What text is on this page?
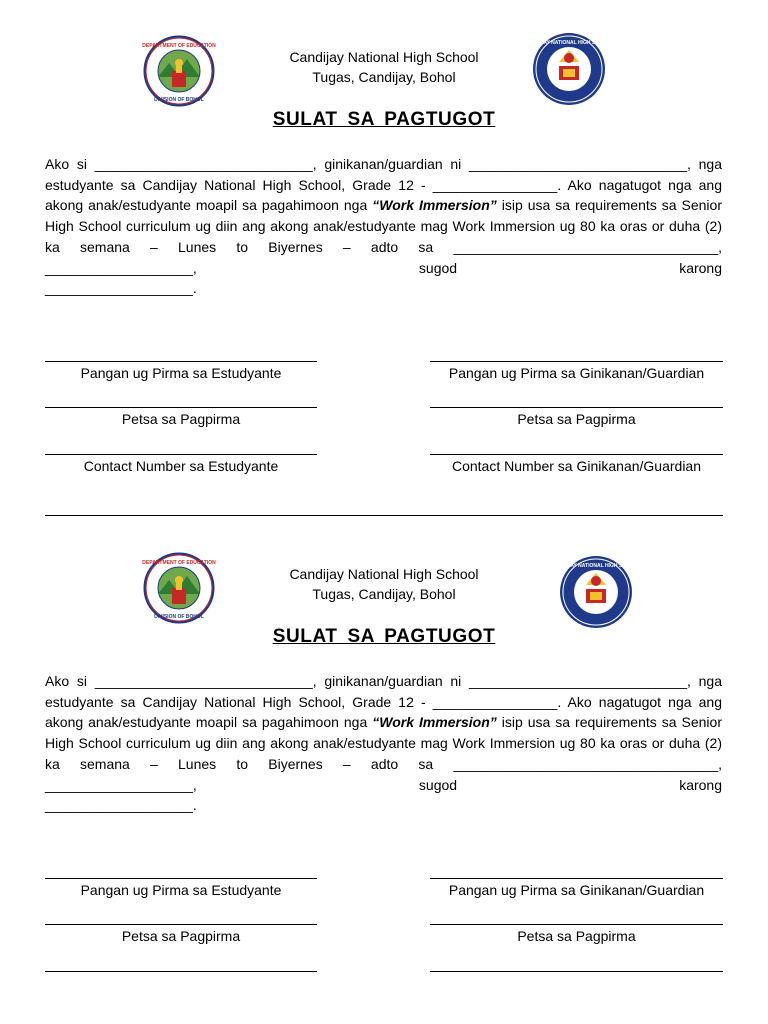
DEPARTMENT OF EDUCATION
DIVISION OF BOHOL
Candijay National High School
Tugas, Candijay, Bohol
CANDIJAY NATIONAL HIGH SCHOOL
SULAT SA PAGTUGOT
Ako si ____________________________, ginikanan/guardian ni ____________________________, nga estudyante sa Candijay National High School, Grade 12 - ________________. Ako nagatugot nga ang akong anak/estudyante moapil sa pagahimoon nga “Work Immersion” isip usa sa requirements sa Senior High School curriculum ug diin ang akong anak/estudyante mag Work Immersion ug 80 ka oras or duha (2) ka semana – Lunes to Biyernes – adto sa __________________________________, ___________________, sugod karong
___________________.
Pangan ug Pirma sa Estudyante	Pangan ug Pirma sa Ginikanan/Guardian
Petsa sa Pagpirma	Petsa sa Pagpirma
Contact Number sa Estudyante	Contact Number sa Ginikanan/Guardian
DEPARTMENT OF EDUCATION
DIVISION OF BOHOL
Candijay National High School
Tugas, Candijay, Bohol
CANDIJAY NATIONAL HIGH SCHOOL
SULAT SA PAGTUGOT
Ako si ____________________________, ginikanan/guardian ni ____________________________, nga estudyante sa Candijay National High School, Grade 12 - ________________. Ako nagatugot nga ang akong anak/estudyante moapil sa pagahimoon nga “Work Immersion” isip usa sa requirements sa Senior High School curriculum ug diin ang akong anak/estudyante mag Work Immersion ug 80 ka oras or duha (2) ka semana – Lunes to Biyernes – adto sa __________________________________, ___________________, sugod karong
___________________.
Pangan ug Pirma sa Estudyante	Pangan ug Pirma sa Ginikanan/Guardian
Petsa sa Pagpirma	Petsa sa Pagpirma
